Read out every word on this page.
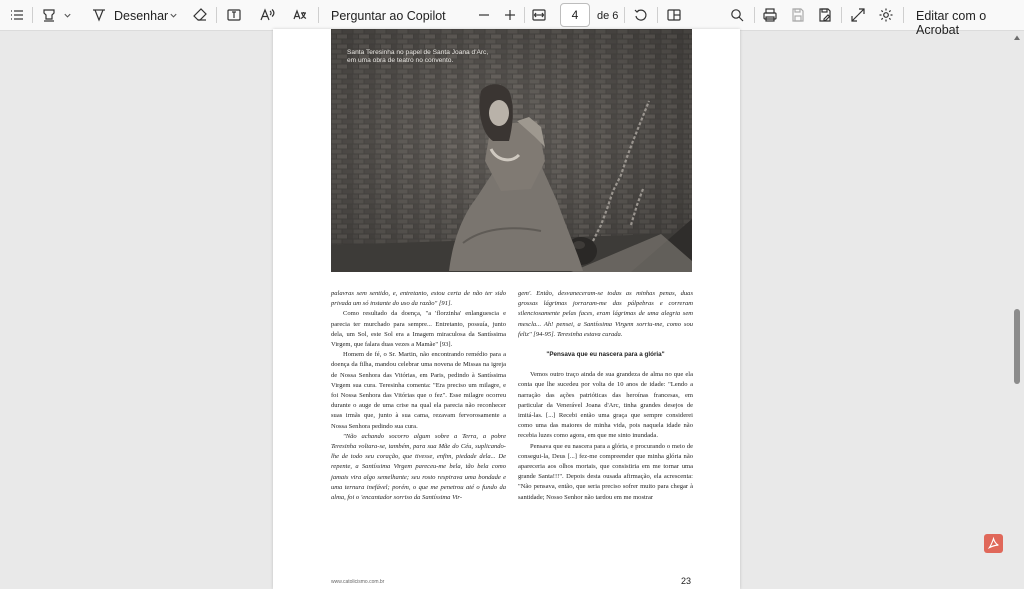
Desenhar	Perguntar ao Copilot	4	de 6	Editar com o Acrobat
Santa Teresinha no papel de Santa Joana d'Arc,
em uma obra de teatro no convento.

palavras sem sentido, e, entretanto, estou certa de não ter sido privada um só instante do uso da razão" [91].

Como resultado da doença, "a 'florzinha' enlanguescia e parecia ter murchado para sempre... Entretanto, possuía, junto dela, um Sol, este Sol era a Imagem miraculosa da Santíssima Virgem, que falara duas vezes a Mamãe" [93].

Homem de fé, o Sr. Martin, não encontrando remédio para a doença da filha, mandou celebrar uma novena de Missas na igreja de Nossa Senhora das Vitórias, em Paris, pedindo à Santíssima Virgem sua cura. Teresinha comenta: "Era preciso um milagre, e foi Nossa Senhora das Vitórias que o fez". Esse milagre ocorreu durante o auge de uma crise na qual ela parecia não reconhecer suas irmãs que, junto à sua cama, rezavam fervorosamente a Nossa Senhora pedindo sua cura.

"Não achando socorro algum sobre a Terra, a pobre Teresinha voltara-se, também, para sua Mãe do Céu, suplicando-lhe de todo seu coração, que tivesse, enfim, piedade dela... De repente, a Santíssima Virgem pareceu-me bela, tão bela como jamais vira algo semelhante; seu rosto respirava uma bondade e uma ternura inefável; porém, o que me penetrou até o fundo da alma, foi o 'encantador sorriso da Santíssima Vir-

gem'. Então, desvaneceram-se todas as minhas penas, duas grossas lágrimas jorraram-me das pálpebras e correram silenciosamente pelas faces, eram lágrimas de uma alegria sem mescla... Ah! pensei, a Santíssima Virgem sorriu-me, como sou feliz" [94-95]. Teresinha estava curada.

"Pensava que eu nascera para a glória"

Vemos outro traço ainda de sua grandeza de alma no que ela conta que lhe sucedeu por volta de 10 anos de idade: "Lendo a narração das ações patrióticas das heroínas francesas, em particular da Venerável Joana d'Arc, tinha grandes desejos de imitá-las. [...] Recebi então uma graça que sempre considerei como uma das maiores de minha vida, pois naquela idade não recebia luzes como agora, em que me sinto inundada.

Pensava que eu nascera para a glória, e procurando o meio de consegui-la, Deus [...] fez-me compreender que minha glória não apareceria aos olhos mortais, que consistiria em me tornar uma grande Santa!!!". Depois desta ousada afirmação, ela acrescenta: "Não pensava, então, que seria preciso sofrer muito para chegar à santidade; Nosso Senhor não tardou em me mostrar

www.catolicismo.com.br	23
